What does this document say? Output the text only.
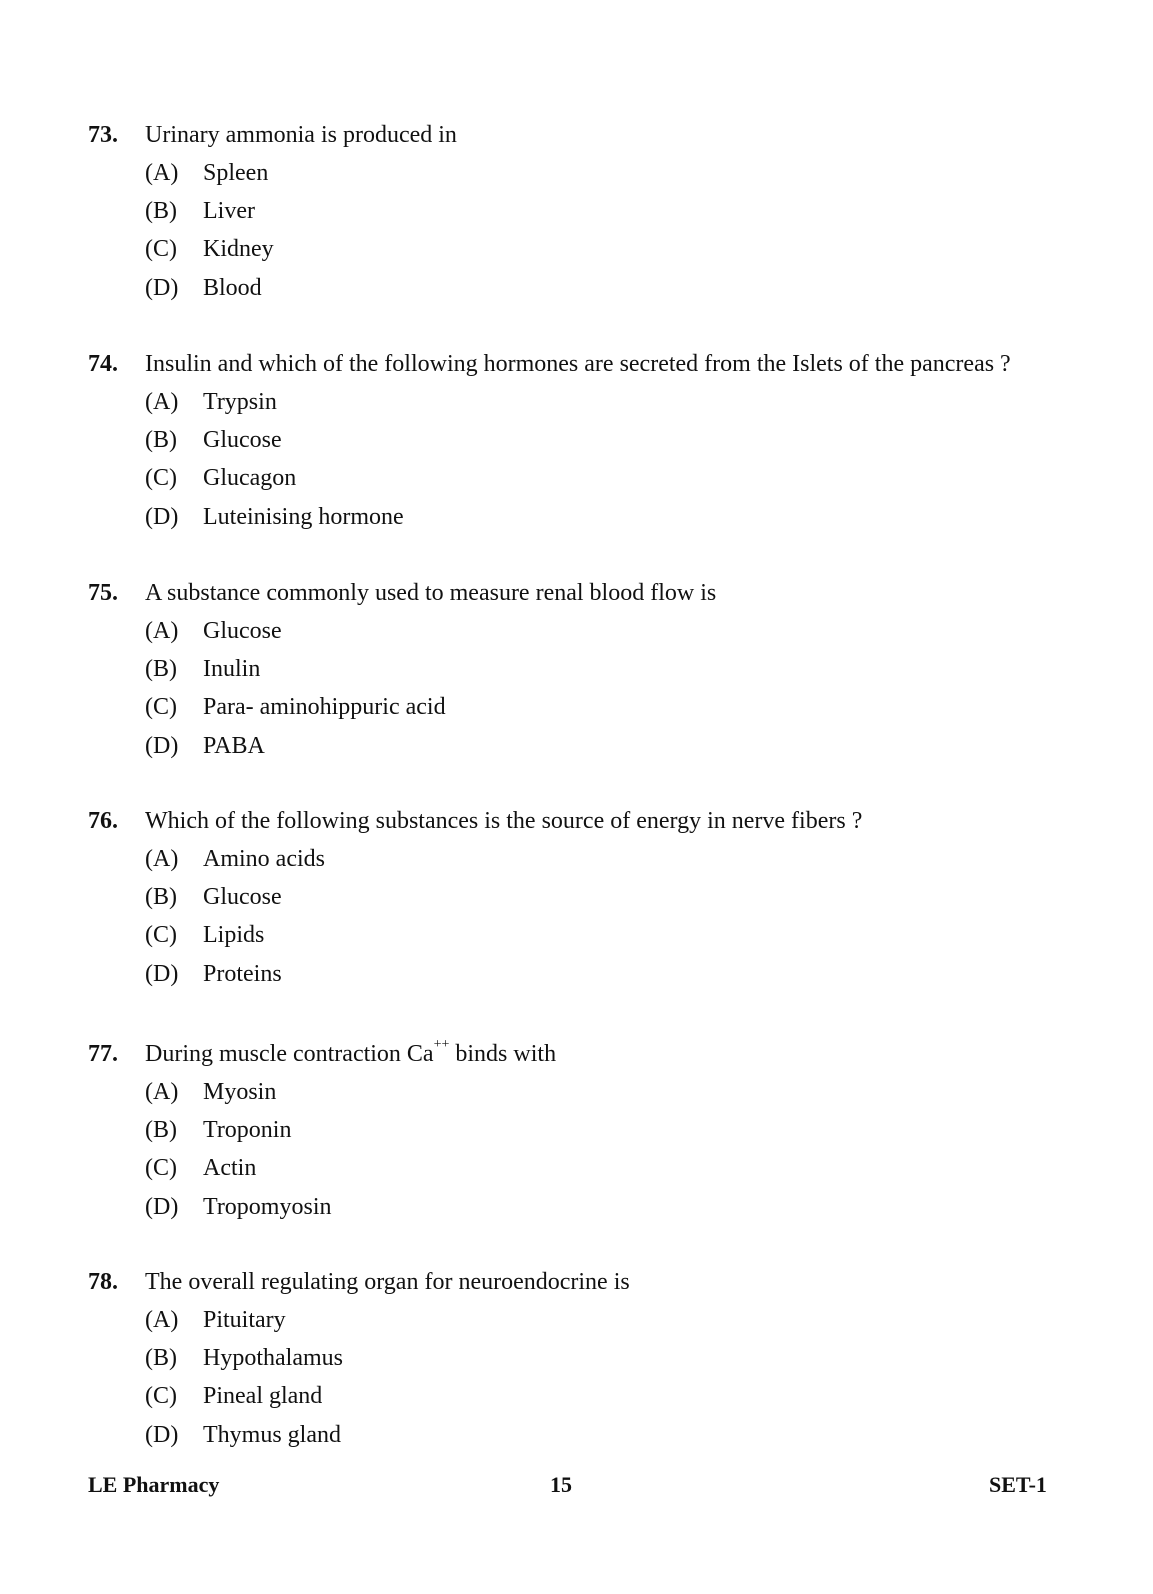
73. Urinary ammonia is produced in
(A) Spleen
(B) Liver
(C) Kidney
(D) Blood
74. Insulin and which of the following hormones are secreted from the Islets of the pancreas ?
(A) Trypsin
(B) Glucose
(C) Glucagon
(D) Luteinising hormone
75. A substance commonly used to measure renal blood flow is
(A) Glucose
(B) Inulin
(C) Para- aminohippuric acid
(D) PABA
76. Which of the following substances is the source of energy in nerve fibers ?
(A) Amino acids
(B) Glucose
(C) Lipids
(D) Proteins
77. During muscle contraction Ca++ binds with
(A) Myosin
(B) Troponin
(C) Actin
(D) Tropomyosin
78. The overall regulating organ for neuroendocrine is
(A) Pituitary
(B) Hypothalamus
(C) Pineal gland
(D) Thymus gland
LE Pharmacy	15	SET-1
